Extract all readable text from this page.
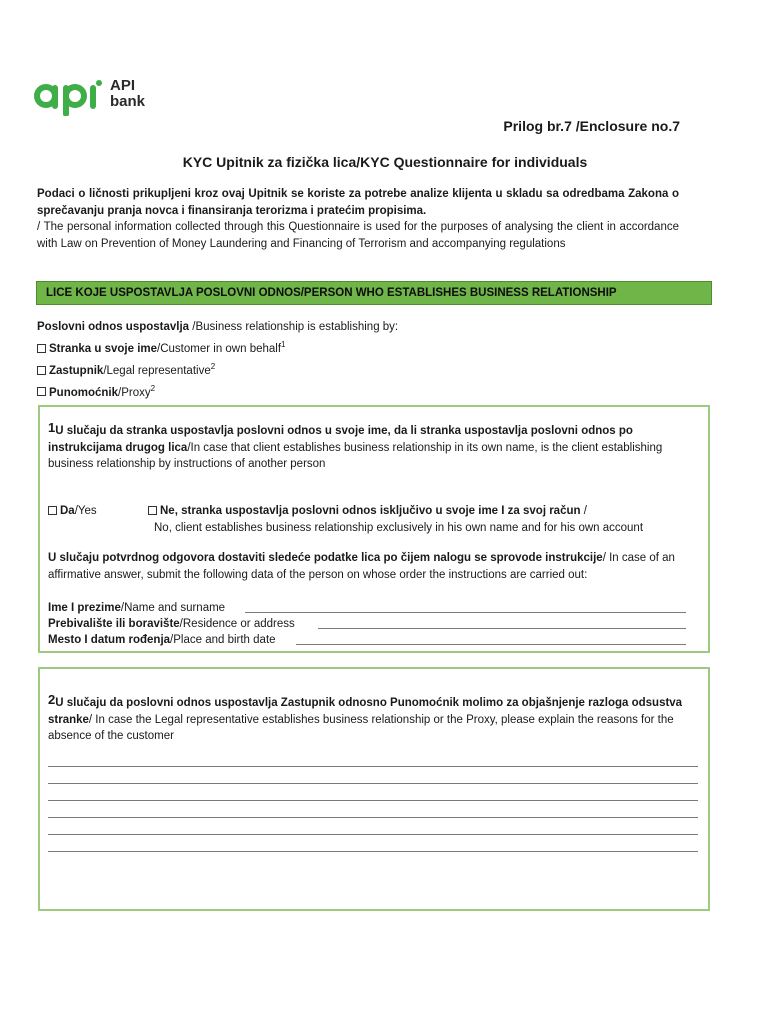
API
bank
Prilog br.7 /Enclosure no.7
KYC Upitnik za fizička lica/KYC Questionnaire for individuals
Podaci o ličnosti prikupljeni kroz ovaj Upitnik se koriste za potrebe analize klijenta u skladu sa odredbama Zakona o sprečavanju pranja novca i finansiranja terorizma i pratećim propisima.
/ The personal information collected through this Questionnaire is used for the purposes of analysing the client in accordance with Law on Prevention of Money Laundering and Financing of Terrorism and accompanying regulations
LICE KOJE USPOSTAVLJA POSLOVNI ODNOS/PERSON WHO ESTABLISHES BUSINESS RELATIONSHIP
Poslovni odnos uspostavlja /Business relationship is establishing by:
Stranka u svoje ime/Customer in own behalf$^1$
Zastupnik/Legal representative$^2$
Punomoćnik/Proxy$^2$
1U slučaju da stranka uspostavlja poslovni odnos u svoje ime, da li stranka uspostavlja poslovni odnos po instrukcijama drugog lica/In case that client establishes business relationship in its own name, is the client establishing business relationship by instructions of another person
Da/Yes	Ne, stranka uspostavlja poslovni odnos isključivo u svoje ime I za svoj račun /
No, client establishes business relationship exclusively in his own name and for his own account
U slučaju potvrdnog odgovora dostaviti sledeće podatke lica po čijem nalogu se sprovode instrukcije/ In case of an affirmative answer, submit the following data of the person on whose order the instructions are carried out:
Ime I prezime/Name and surname
Prebivalište ili boravište/Residence or address
Mesto I datum rođenja/Place and birth date
2U slučaju da poslovni odnos uspostavlja Zastupnik odnosno Punomoćnik molimo za objašnjenje razloga odsustva stranke/ In case the Legal representative establishes business relationship or the Proxy, please explain the reasons for the absence of the customer
